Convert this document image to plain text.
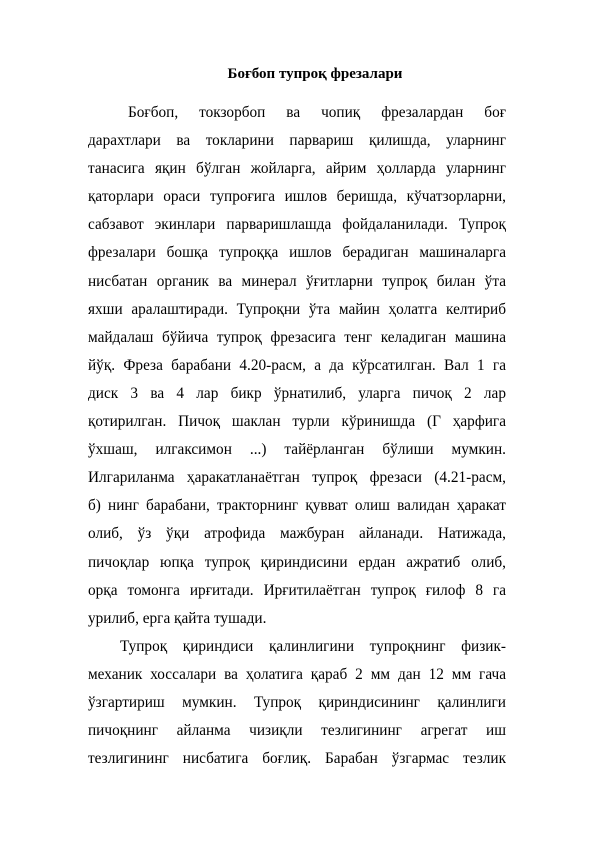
Боғбоп тупроқ фрезалари
Боғбоп, токзорбоп ва чопиқ фрезалардан боғ
дарахтлари ва токларини парвариш қилишда, уларнинг
танасига яқин бўлган жойларга, айрим ҳолларда уларнинг
қаторлари ораси тупроғига ишлов беришда, кўчатзорларни,
сабзавот экинлари парваришлашда фойдаланилади. Тупроқ
фрезалари бошқа тупроққа ишлов берадиган машиналарга
нисбатан органик ва минерал ўғитларни тупроқ билан ўта
яхши аралаштиради. Тупроқни ўта майин ҳолатга келтириб
майдалаш бўйича тупроқ фрезасига тенг келадиган машина
йўқ. Фреза барабани 4.20-расм, а да кўрсатилган. Вал 1 га
диск 3 ва 4 лар бикр ўрнатилиб, уларга пичоқ 2 лар
қотирилган. Пичоқ шаклан турли кўринишда (Г ҳарфига
ўхшаш, илгаксимон ...) тайёрланган бўлиши мумкин.
Илгариланма ҳаракатланаётган тупроқ фрезаси (4.21-расм,
б) нинг барабани, тракторнинг қувват олиш валидан ҳаракат
олиб, ўз ўқи атрофида мажбуран айланади. Натижада,
пичоқлар юпқа тупроқ қириндисини ердан ажратиб олиб,
орқа томонга ирғитади. Ирғитилаётган тупроқ ғилоф 8 га
урилиб, ерга қайта тушади.
Тупроқ қириндиси қалинлигини тупроқнинг физик-
механик хоссалари ва ҳолатига қараб 2 мм дан 12 мм гача
ўзгартириш мумкин. Тупроқ қириндисининг қалинлиги
пичоқнинг айланма чизиқли тезлигининг агрегат иш
тезлигининг нисбатига боғлиқ. Барабан ўзгармас тезлик
